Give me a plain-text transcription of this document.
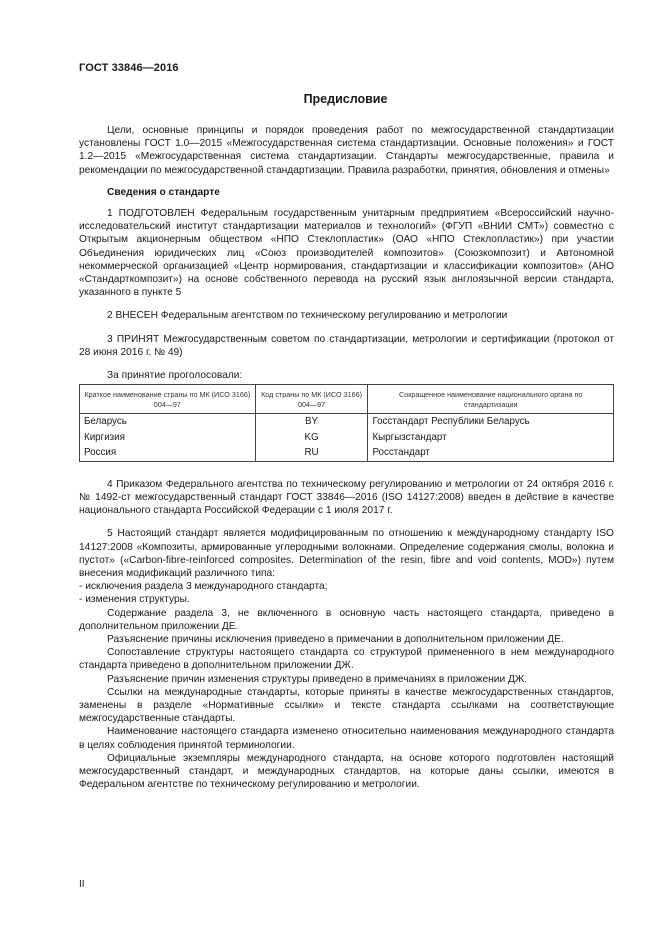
ГОСТ 33846—2016
Предисловие

Цели, основные принципы и порядок проведения работ по межгосударственной стандартизации установлены ГОСТ 1.0—2015 «Межгосударственная система стандартизации. Основные положения» и ГОСТ 1.2—2015 «Межгосударственная система стандартизации. Стандарты межгосударственные, правила и рекомендации по межгосударственной стандартизации. Правила разработки, принятия, обновления и отмены»

Сведения о стандарте

1 ПОДГОТОВЛЕН Федеральным государственным унитарным предприятием «Всероссийский научно-исследовательский институт стандартизации материалов и технологий» (ФГУП «ВНИИ СМТ») совместно с Открытым акционерным обществом «НПО Стеклопластик» (ОАО «НПО Стеклопластик») при участии Объединения юридических лиц «Союз производителей композитов» (Союзкомпозит) и Автономной некоммерческой организацией «Центр нормирования, стандартизации и классификации композитов» (АНО «Стандарткомпозит») на основе собственного перевода на русский язык англоязычной версии стандарта, указанного в пункте 5

2 ВНЕСЕН Федеральным агентством по техническому регулированию и метрологии

3 ПРИНЯТ Межгосударственным советом по стандартизации, метрологии и сертификации (протокол от 28 июня 2016 г. № 49)

За принятие проголосовали:

Краткое наименование страны по МК (ИСО 3166) 004—97	Код страны по МК (ИСО 3166) 004—97	Сокращенное наименование национального органа по стандартизации
Беларусь	BY	Госстандарт Республики Беларусь
Киргизия	KG	Кыргызстандарт
Россия	RU	Росстандарт

4 Приказом Федерального агентства по техническому регулированию и метрологии от 24 октября 2016 г. № 1492-ст межгосударственный стандарт ГОСТ 33846—2016 (ISO 14127:2008) введен в действие в качестве национального стандарта Российской Федерации с 1 июля 2017 г.

5 Настоящий стандарт является модифицированным по отношению к международному стандарту ISO 14127:2008 «Композиты, армированные углеродными волокнами. Определение содержания смолы, волокна и пустот» («Carbon-fibre-reinforced composites. Determination of the resin, fibre and void contents, MOD») путем внесения модификаций различного типа:

- исключения раздела 3 международного стандарта;

- изменения структуры.

Содержание раздела 3, не включенного в основную часть настоящего стандарта, приведено в дополнительном приложении ДЕ.

Разъяснение причины исключения приведено в примечании в дополнительном приложении ДЕ.

Сопоставление структуры настоящего стандарта со структурой примененного в нем международного стандарта приведено в дополнительном приложении ДЖ.

Разъяснение причин изменения структуры приведено в примечаниях в приложении ДЖ.

Ссылки на международные стандарты, которые приняты в качестве межгосударственных стандартов, заменены в разделе «Нормативные ссылки» и тексте стандарта ссылками на соответствующие межгосударственные стандарты.

Наименование настоящего стандарта изменено относительно наименования международного стандарта в целях соблюдения принятой терминологии.

Официальные экземпляры международного стандарта, на основе которого подготовлен настоящий межгосударственный стандарт, и международных стандартов, на которые даны ссылки, имеются в Федеральном агентстве по техническому регулированию и метрологии.

II
